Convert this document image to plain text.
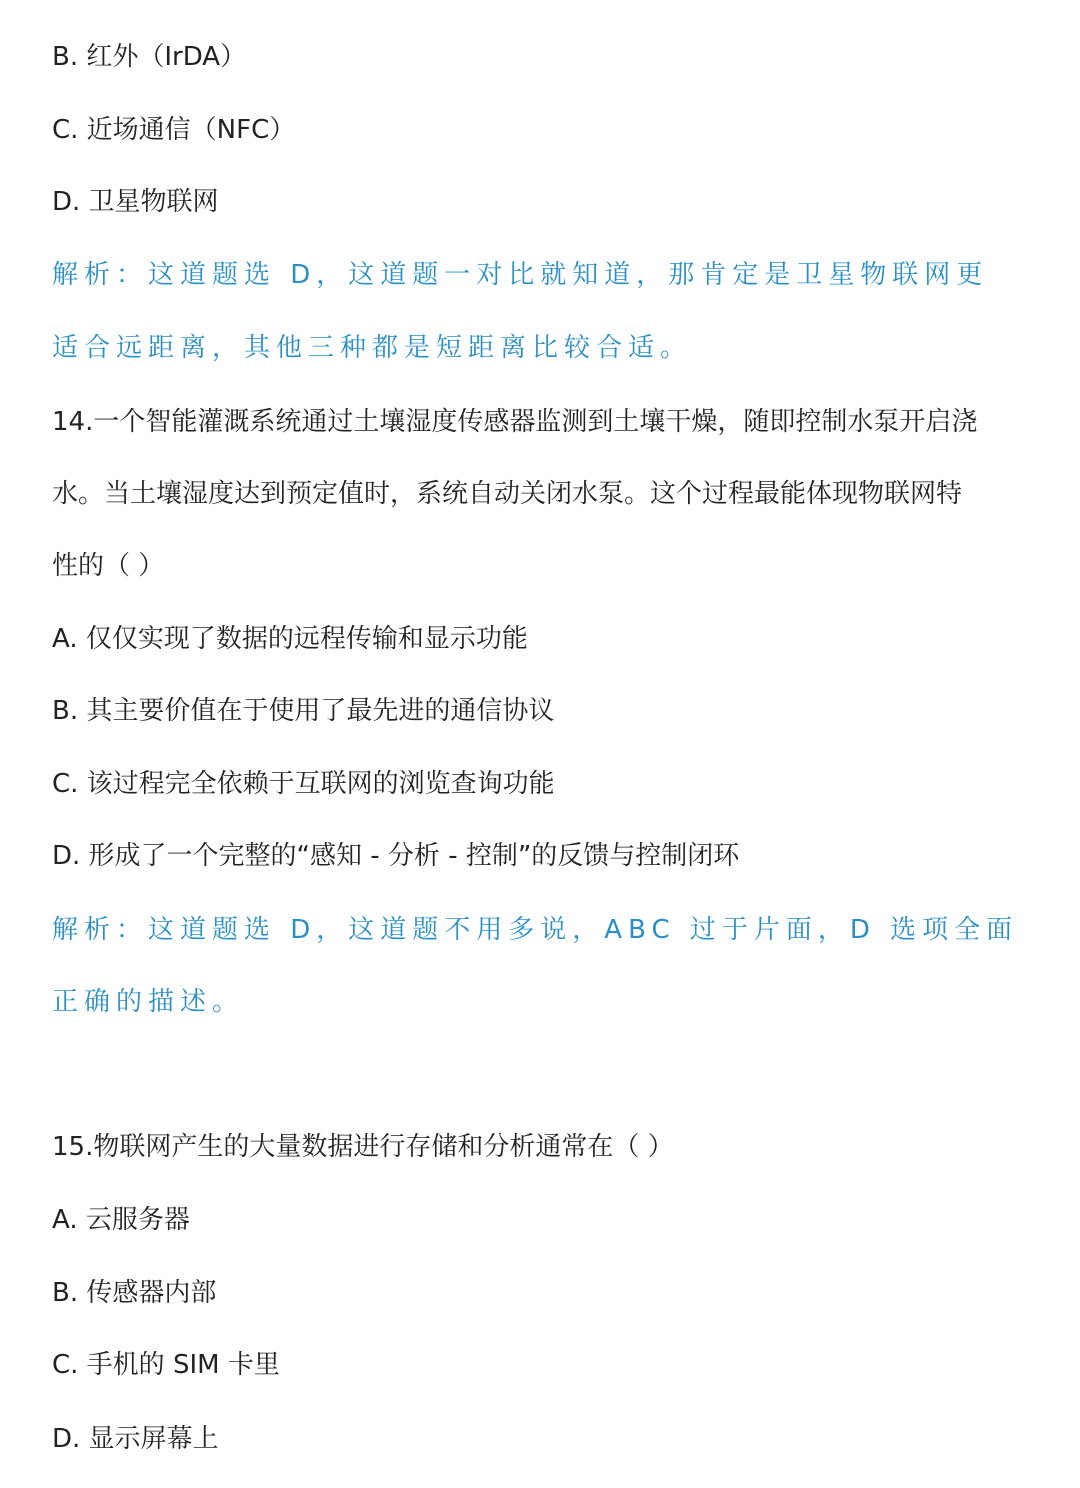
B. 红外（IrDA）
C. 近场通信（NFC）
D. 卫星物联网
解析：这道题选 D，这道题一对比就知道，那肯定是卫星物联网更
适合远距离，其他三种都是短距离比较合适。
14.一个智能灌溉系统通过土壤湿度传感器监测到土壤干燥，随即控制水泵开启浇
水。当土壤湿度达到预定值时，系统自动关闭水泵。这个过程最能体现物联网特
性的（ ）
A. 仅仅实现了数据的远程传输和显示功能
B. 其主要价值在于使用了最先进的通信协议
C. 该过程完全依赖于互联网的浏览查询功能
D. 形成了一个完整的“感知 - 分析 - 控制”的反馈与控制闭环
解析：这道题选 D，这道题不用多说，ABC 过于片面，D 选项全面
正确的描述。
15.物联网产生的大量数据进行存储和分析通常在（ ）
A. 云服务器
B. 传感器内部
C. 手机的 SIM 卡里
D. 显示屏幕上
